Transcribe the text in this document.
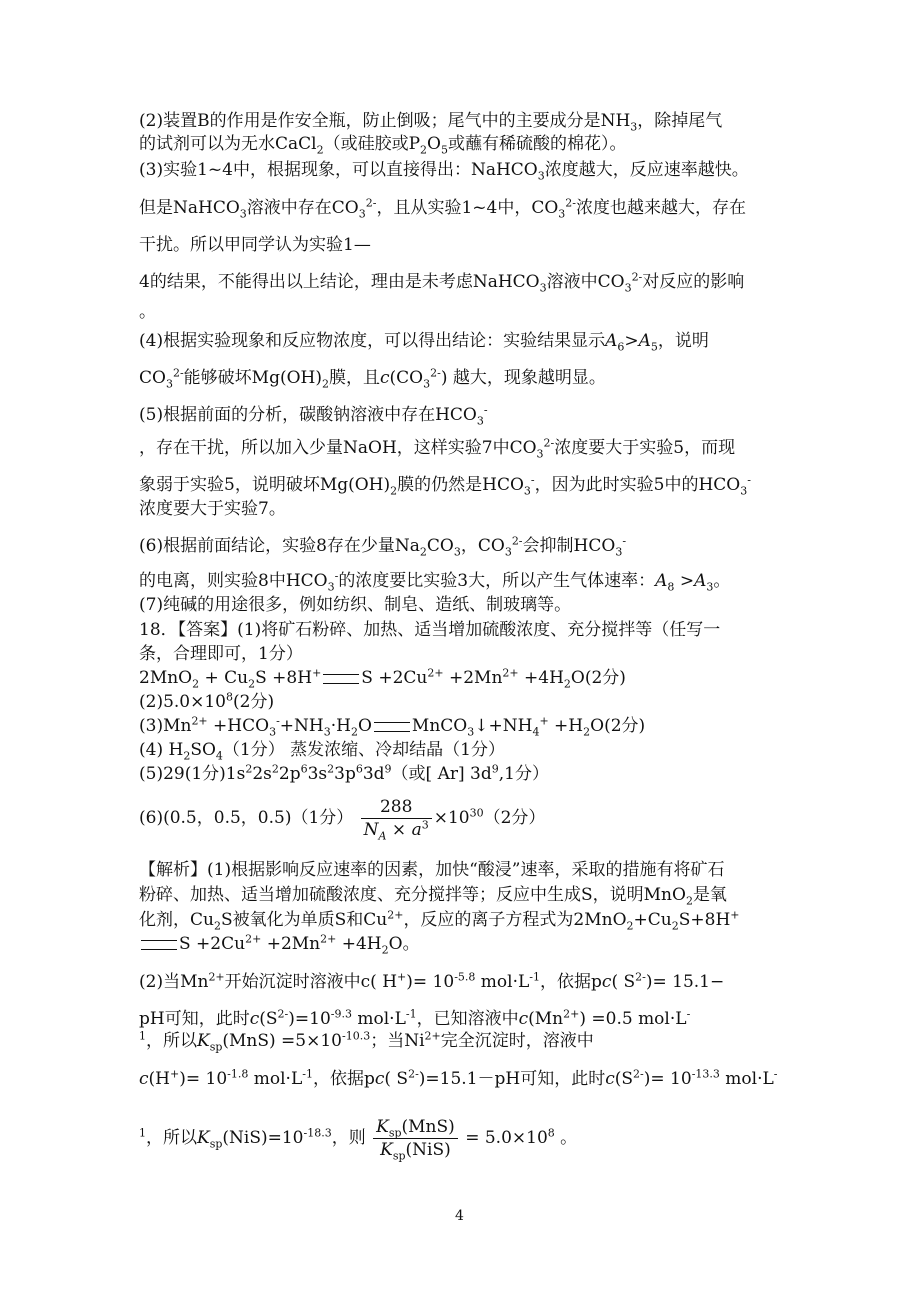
(2)装置B的作用是作安全瓶，防止倒吸；尾气中的主要成分是$NH_3$，除掉尾气
的试剂可以为无水CaCl$_2$（或硅胶或$P_2O_5$或蘸有稀硫酸的棉花）。
(3)实验1~4中，根据现象，可以直接得出：NaHCO$_3$浓度越大，反应速率越快。
但是NaHCO$_3$溶液中存在$CO_3^{2-}$，且从实验1~4中，$CO_3^{2-}$浓度也越来越大，存在
干扰。所以甲同学认为实验1—
4的结果，不能得出以上结论，理由是未考虑NaHCO$_3$溶液中$CO_3^{2-}$对反应的影响
。
(4)根据实验现象和反应物浓度，可以得出结论：实验结果显示$A_6>A_5$，说明
$CO_3^{2-}$能够破坏$Mg(OH)_2$膜，且$c(CO_3^{2-})$ 越大，现象越明显。
(5)根据前面的分析，碳酸钠溶液中存在$HCO_3^-$
，存在干扰，所以加入少量NaOH，这样实验7中$CO_3^{2-}$浓度要大于实验5，而现
象弱于实验5，说明破坏$Mg(OH)_2$膜的仍然是$HCO_3^-$，因为此时实验5中的$HCO_3^-$
浓度要大于实验7。
(6)根据前面结论，实验8存在少量$Na_2CO_3$，$CO_3^{2-}$会抑制$HCO_3^-$
的电离，则实验8中$HCO_3^-$的浓度要比实验3大，所以产生气体速率：$A_8 >A_3$。
(7)纯碱的用途很多，例如纺织、制皂、造纸、制玻璃等。
18．【答案】(1)将矿石粉碎、加热、适当增加硫酸浓度、充分搅拌等（任写一
条，合理即可，1分）
$2MnO_2 + Cu_2S +8H^+$ $S +2Cu^{2+} +2Mn^{2+} +4H_2O(2$分)
$(2)5.0\times 10^8(2$分)
$(3)Mn^{2+} +HCO_3^-+NH_3\cdot H_2O$ $MnCO_3↓+NH_4^+ +H_2O(2$分)
(4) $H_2SO_4(1$分） 蒸发浓缩、冷却结晶（1分）
(5)29(1分)$1s^22s^22p^63s^23p^63d^9$（或[ Ar] $3d^9,1$分）
(6)(0.5，0.5，0.5)（1分） $\frac{288}{N_A \times a^3} \times 10^{30}(2$分）
【解析】(1)根据影响反应速率的因素，加快“酸浸”速率，采取的措施有将矿石
粉碎、加热、适当增加硫酸浓度、充分搅拌等；反应中生成S，说明MnO$_2$是氧
化剂，$Cu_2S$被氧化为单质S和$Cu^{2+}$，反应的离子方程式为$2MnO_2+Cu_2S+8H^+$
$S +2Cu^{2+} +2Mn^{2+} +4H_2O$。
(2)当$Mn^{2+}$开始沉淀时溶液中c( $H^+)= 10^{-5.8}$ $mol\cdot L^{-1}$，依据pc( $S^{2-})= 15.1-$
pH可知，此时$c(S^{2-})=10^{-9.3}$ $mol\cdot L^{-1}$，已知溶液中$c(Mn^{2+}) =0.5$ mol·L-
$^1$，所以$K_{sp}(MnS) =5\times 10^{-10.3}$；当$Ni^{2+}$完全沉淀时，溶液中
$c(H^+)= 10^{-1.8}$ $mol\cdot L^{-1}$，依据pc( $S^{2-})=15.1-pH$可知，此时$c(S^{2-})= 10^{-13.3}$ mol·L-
$^1$，所以$K_{sp}(NiS)=10^{-18.3}$，则 $\frac{K_{sp}(MnS)}{K_{sp}(NiS)} = 5.0\times 10^8$ 。
4
